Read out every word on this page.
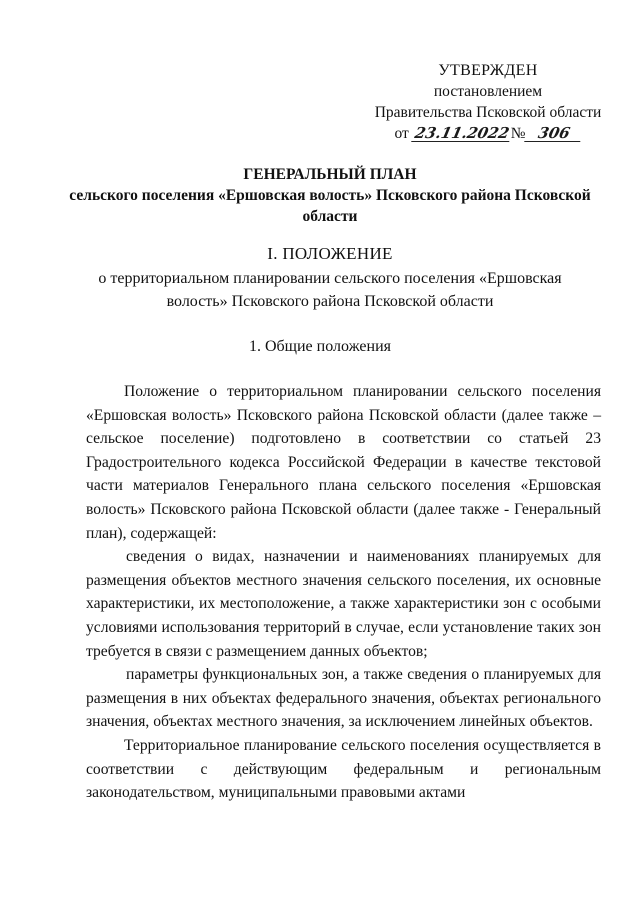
УТВЕРЖДЕН
постановлением
Правительства Псковской области
от 23.11.2022 № 306
ГЕНЕРАЛЬНЫЙ ПЛАН
сельского поселения «Ершовская волость» Псковского района Псковской
области
I. ПОЛОЖЕНИЕ
о территориальном планировании сельского поселения «Ершовская
волость» Псковского района Псковской области
1. Общие положения

Положение о территориальном планировании сельского поселения «Ершовская волость» Псковского района Псковской области (далее также – сельское поселение) подготовлено в соответствии со статьей 23 Градостроительного кодекса Российской Федерации в качестве текстовой части материалов Генерального плана сельского поселения «Ершовская волость» Псковского района Псковской области (далее также - Генеральный план), содержащей:

сведения о видах, назначении и наименованиях планируемых для размещения объектов местного значения сельского поселения, их основные характеристики, их местоположение, а также характеристики зон с особыми условиями использования территорий в случае, если установление таких зон требуется в связи с размещением данных объектов;

параметры функциональных зон, а также сведения о планируемых для размещения в них объектах федерального значения, объектах регионального значения, объектах местного значения, за исключением линейных объектов.

Территориальное планирование сельского поселения осуществляется в соответствии с действующим федеральным и региональным законодательством, муниципальными правовыми актами
